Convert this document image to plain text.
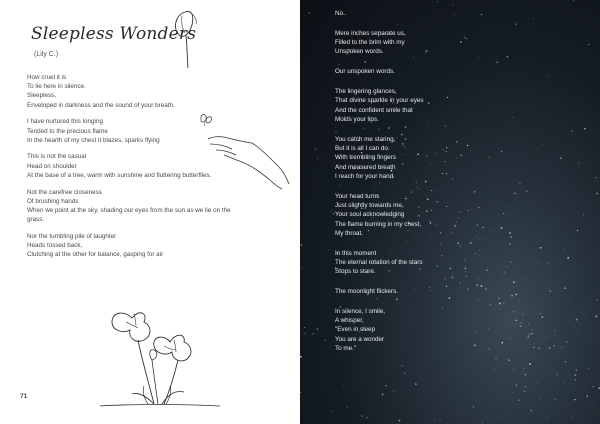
Sleepless Wonders
(Lily C.)
How cruel it is
To lie here in silence.
Sleepless,
Enveloped in darkness and the sound of your breath.
I have nurtured this longing
Tended to the precious flame
In the hearth of my chest it blazes, sparks flying
This is not the casual
Head on shoulder
At the base of a tree, warm with sunshine and fluttering butterflies.
Not the carefree closeness
Of brushing hands
When we point at the sky, shading our eyes from the sun as we lie on the
grass.
Nor the tumbling pile of laughter
Heads tossed back,
Clutching at the other for balance, gasping for air
71
No.
Mere inches separate us,
Filled to the brim with my
Unspoken words.
Our unspoken words.
The lingering glances,
That divine sparkle in your eyes
And the confident smile that
Molds your lips.
You catch me staring,
But it is all I can do.
With trembling fingers
And measured breath
I reach for your hand
Your head turns
Just slightly towards me,
Your soul acknowledging
The flame burning in my chest,
My throat.
In this moment
The eternal rotation of the stars
Stops to stare.
The moonlight flickers.
In silence, I smile,
A whisper,
"Even in sleep
You are a wonder
To me."
